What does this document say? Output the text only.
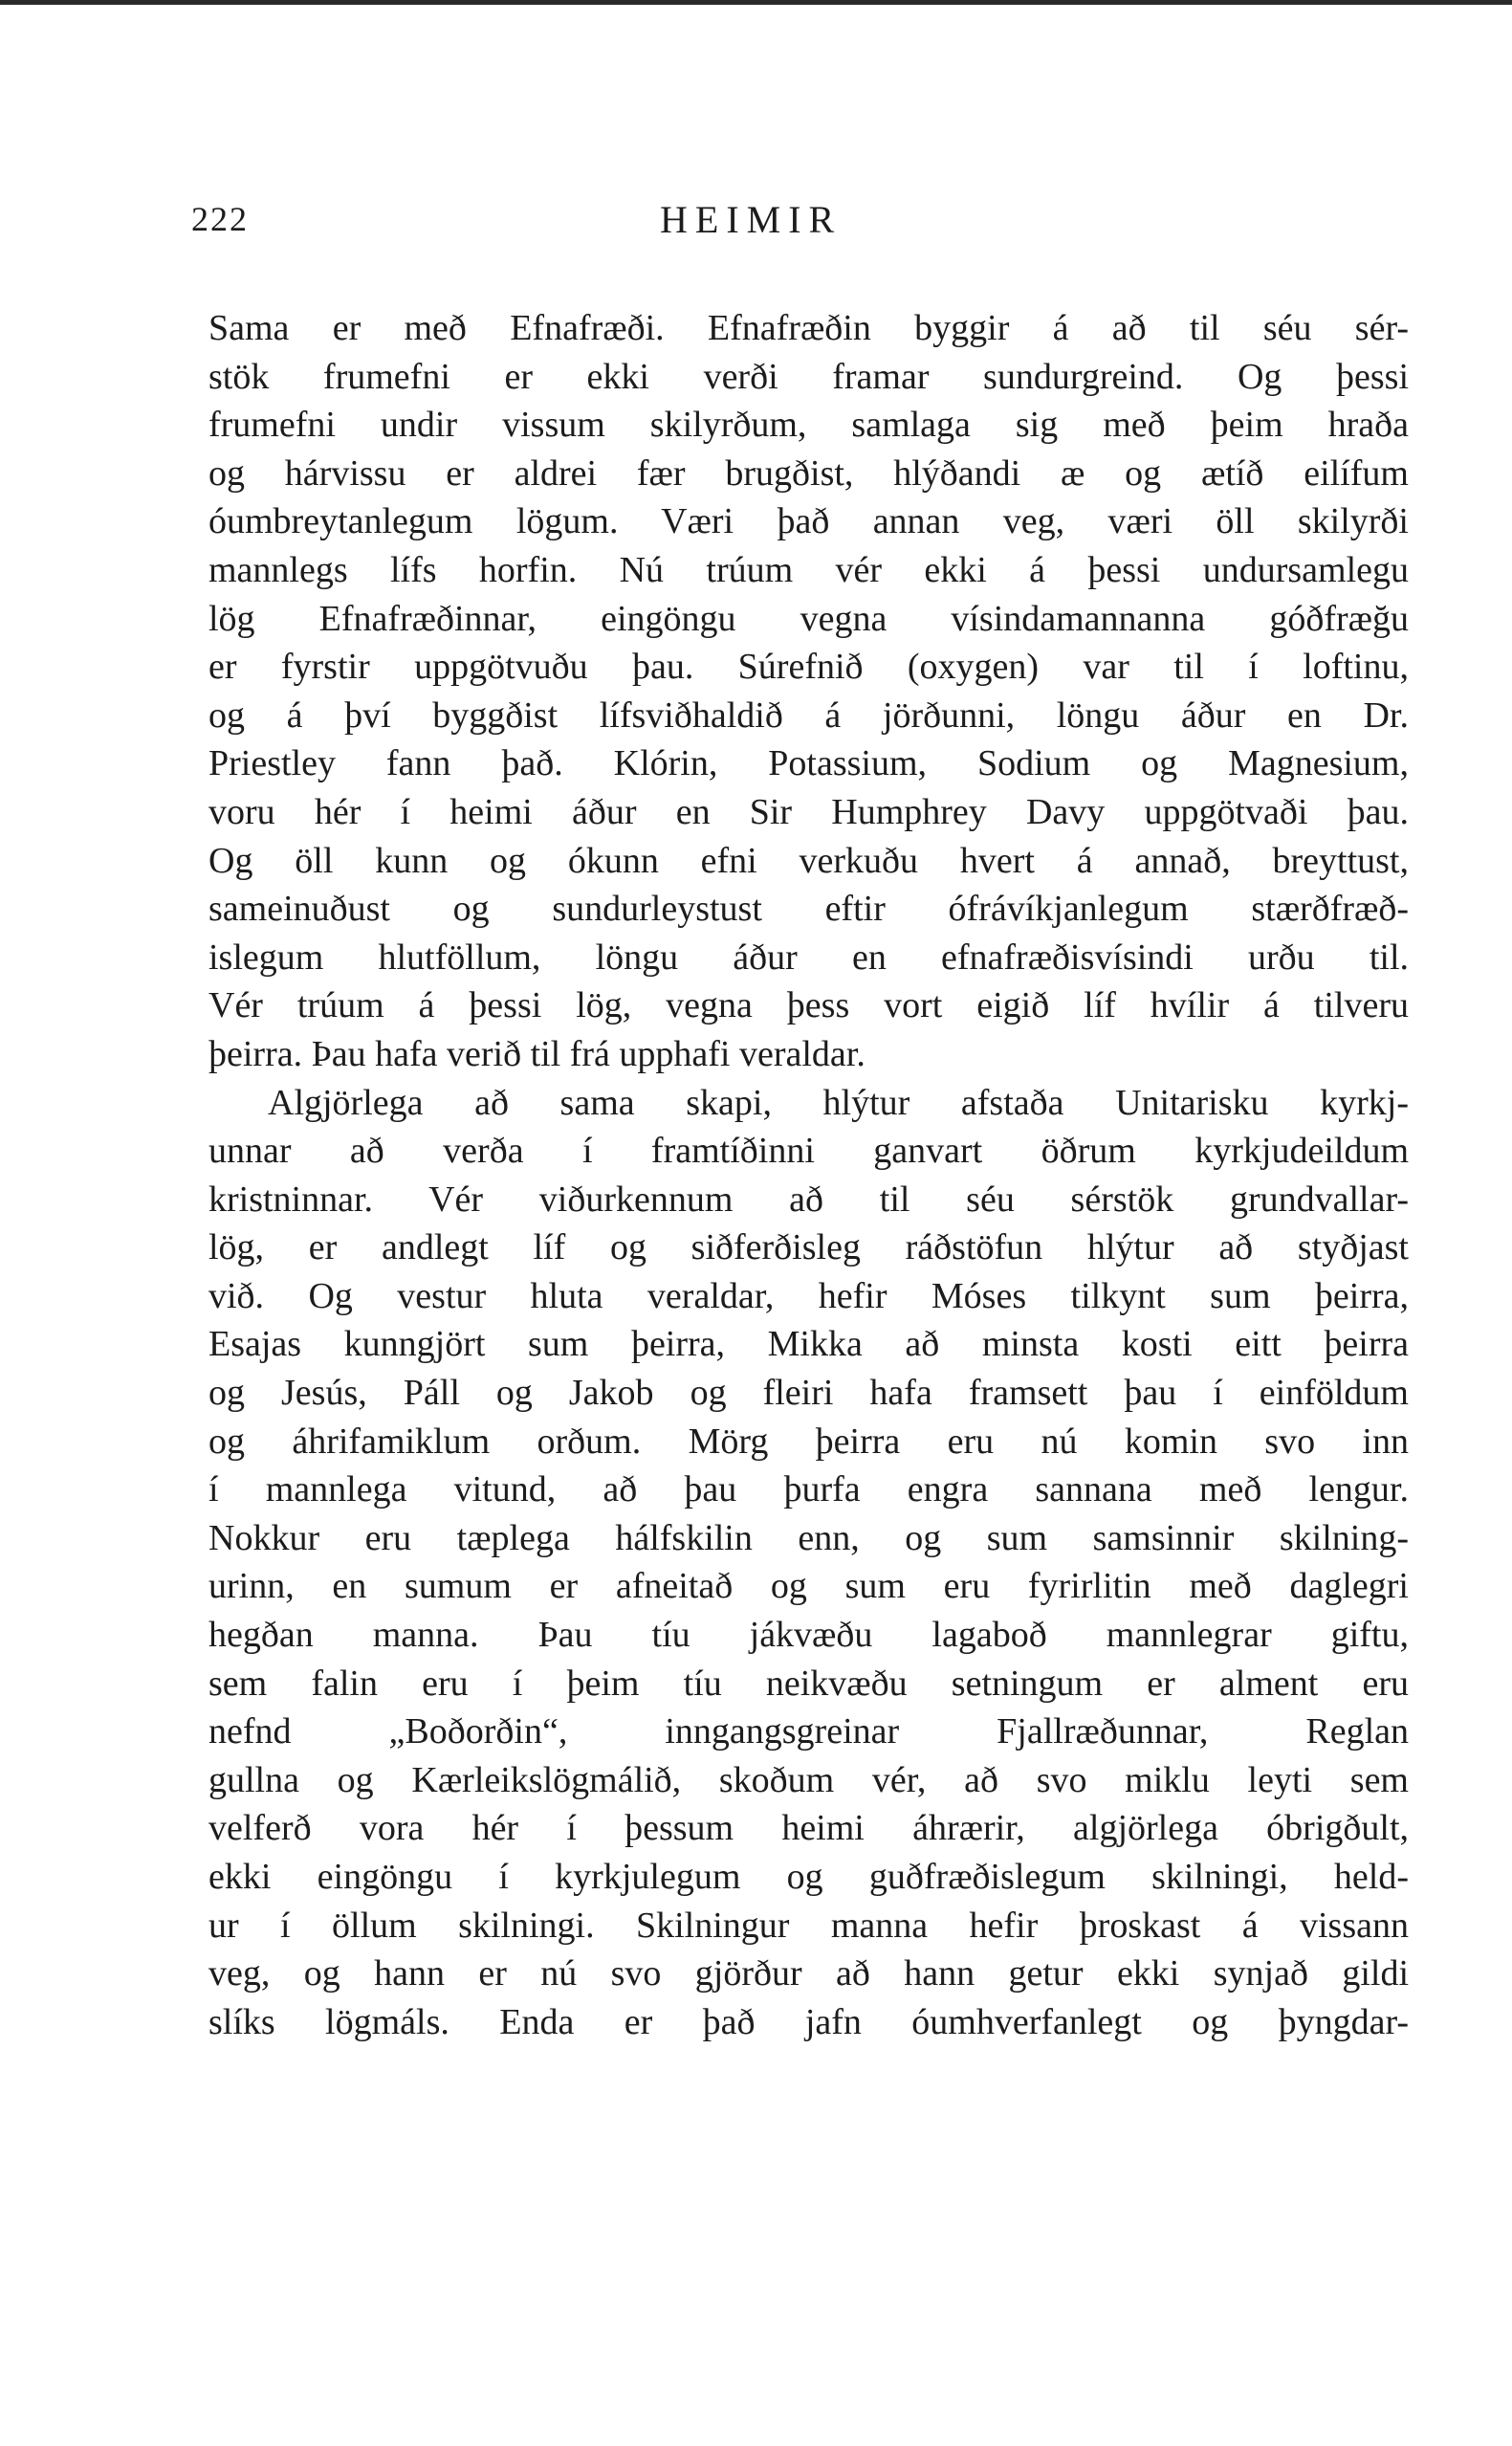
222	HEIMIR
Sama er með Efnafræði. Efnafræðin byggir á að til séu sér-
stök frumefni er ekki verði framar sundurgreind. Og þessi
frumefni undir vissum skilyrðum, samlaga sig með þeim hraða
og hárvissu er aldrei fær brugðist, hlýðandi æ og ætíð eilífum
óumbreytanlegum lögum. Væri það annan veg, væri öll skilyrði
mannlegs lífs horfin. Nú trúum vér ekki á þessi undursamlegu
lög Efnafræðinnar, eingöngu vegna vísindamannanna góðfræğu
er fyrstir uppgötvuðu þau. Súrefnið (oxygen) var til í loftinu,
og á því byggðist lífsviðhaldið á jörðunni, löngu áður en Dr.
Priestley fann það. Klórin, Potassium, Sodium og Magnesium,
voru hér í heimi áður en Sir Humphrey Davy uppgötvaði þau.
Og öll kunn og ókunn efni verkuðu hvert á annað, breyttust,
sameinuðust og sundurleystust eftir ófrávíkjanlegum stærðfræð-
islegum hlutföllum, löngu áður en efnafræðisvísindi urðu til.
Vér trúum á þessi lög, vegna þess vort eigið líf hvílir á tilveru
þeirra. Þau hafa verið til frá upphafi veraldar.
Algjörlega að sama skapi, hlýtur afstaða Unitarisku kyrkj-
unnar að verða í framtíðinni ganvart öðrum kyrkjudeildum
kristninnar. Vér viðurkennum að til séu sérstök grundvallar-
lög, er andlegt líf og siðferðisleg ráðstöfun hlýtur að styðjast
við. Og vestur hluta veraldar, hefir Móses tilkynt sum þeirra,
Esajas kunngjört sum þeirra, Mikka að minsta kosti eitt þeirra
og Jesús, Páll og Jakob og fleiri hafa framsett þau í einföldum
og áhrifamiklum orðum. Mörg þeirra eru nú komin svo inn
í mannlega vitund, að þau þurfa engra sannana með lengur.
Nokkur eru tæplega hálfskilin enn, og sum samsinnir skilning-
urinn, en sumum er afneitað og sum eru fyrirlitin með daglegri
hegðan manna. Þau tíu jákvæðu lagaboð mannlegrar giftu,
sem falin eru í þeim tíu neikvæðu setningum er alment eru
nefnd „Boðorðin“, inngangsgreinar Fjallræðunnar, Reglan
gullna og Kærleikslögmálið, skoðum vér, að svo miklu leyti sem
velferð vora hér í þessum heimi áhrærir, algjörlega óbrigðult,
ekki eingöngu í kyrkjulegum og guðfræðislegum skilningi, held-
ur í öllum skilningi. Skilningur manna hefir þroskast á vissann
veg, og hann er nú svo gjörður að hann getur ekki synjað gildi
slíks lögmáls. Enda er það jafn óumhverfanlegt og þyngdar-
